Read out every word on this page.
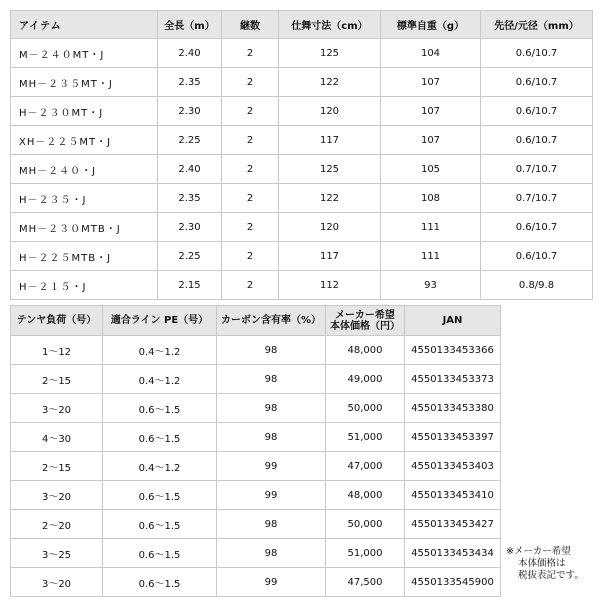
アイテム	全長（m）	継数	仕舞寸法（cm）	標準自重（g）	先径/元径（mm）
M－２４０MT・J	2.40	2	125	104	0.6/10.7
MH－２３５MT・J	2.35	2	122	107	0.6/10.7
H－２３０MT・J	2.30	2	120	107	0.6/10.7
XH－２２５MT・J	2.25	2	117	107	0.6/10.7
MH－２４０・J	2.40	2	125	105	0.7/10.7
H－２３５・J	2.35	2	122	108	0.7/10.7
MH－２３０MTB・J	2.30	2	120	111	0.6/10.7
H－２２５MTB・J	2.25	2	117	111	0.6/10.7
H－２１５・J	2.15	2	112	93	0.8/9.8
テンヤ負荷（号）	適合ライン PE（号）	カーボン含有率（%）	メーカー希望
本体価格（円）	JAN
1～12	0.4～1.2	98	48,000	4550133453366
2～15	0.4～1.2	98	49,000	4550133453373
3～20	0.6～1.5	98	50,000	4550133453380
4～30	0.6～1.5	98	51,000	4550133453397
2～15	0.4～1.2	99	47,000	4550133453403
3～20	0.6～1.5	99	48,000	4550133453410
2～20	0.6～1.5	98	50,000	4550133453427
3～25	0.6～1.5	98	51,000	4550133453434
3～20	0.6～1.5	99	47,500	4550133545900
※メーカー希望
本体価格は
税抜表記です。
